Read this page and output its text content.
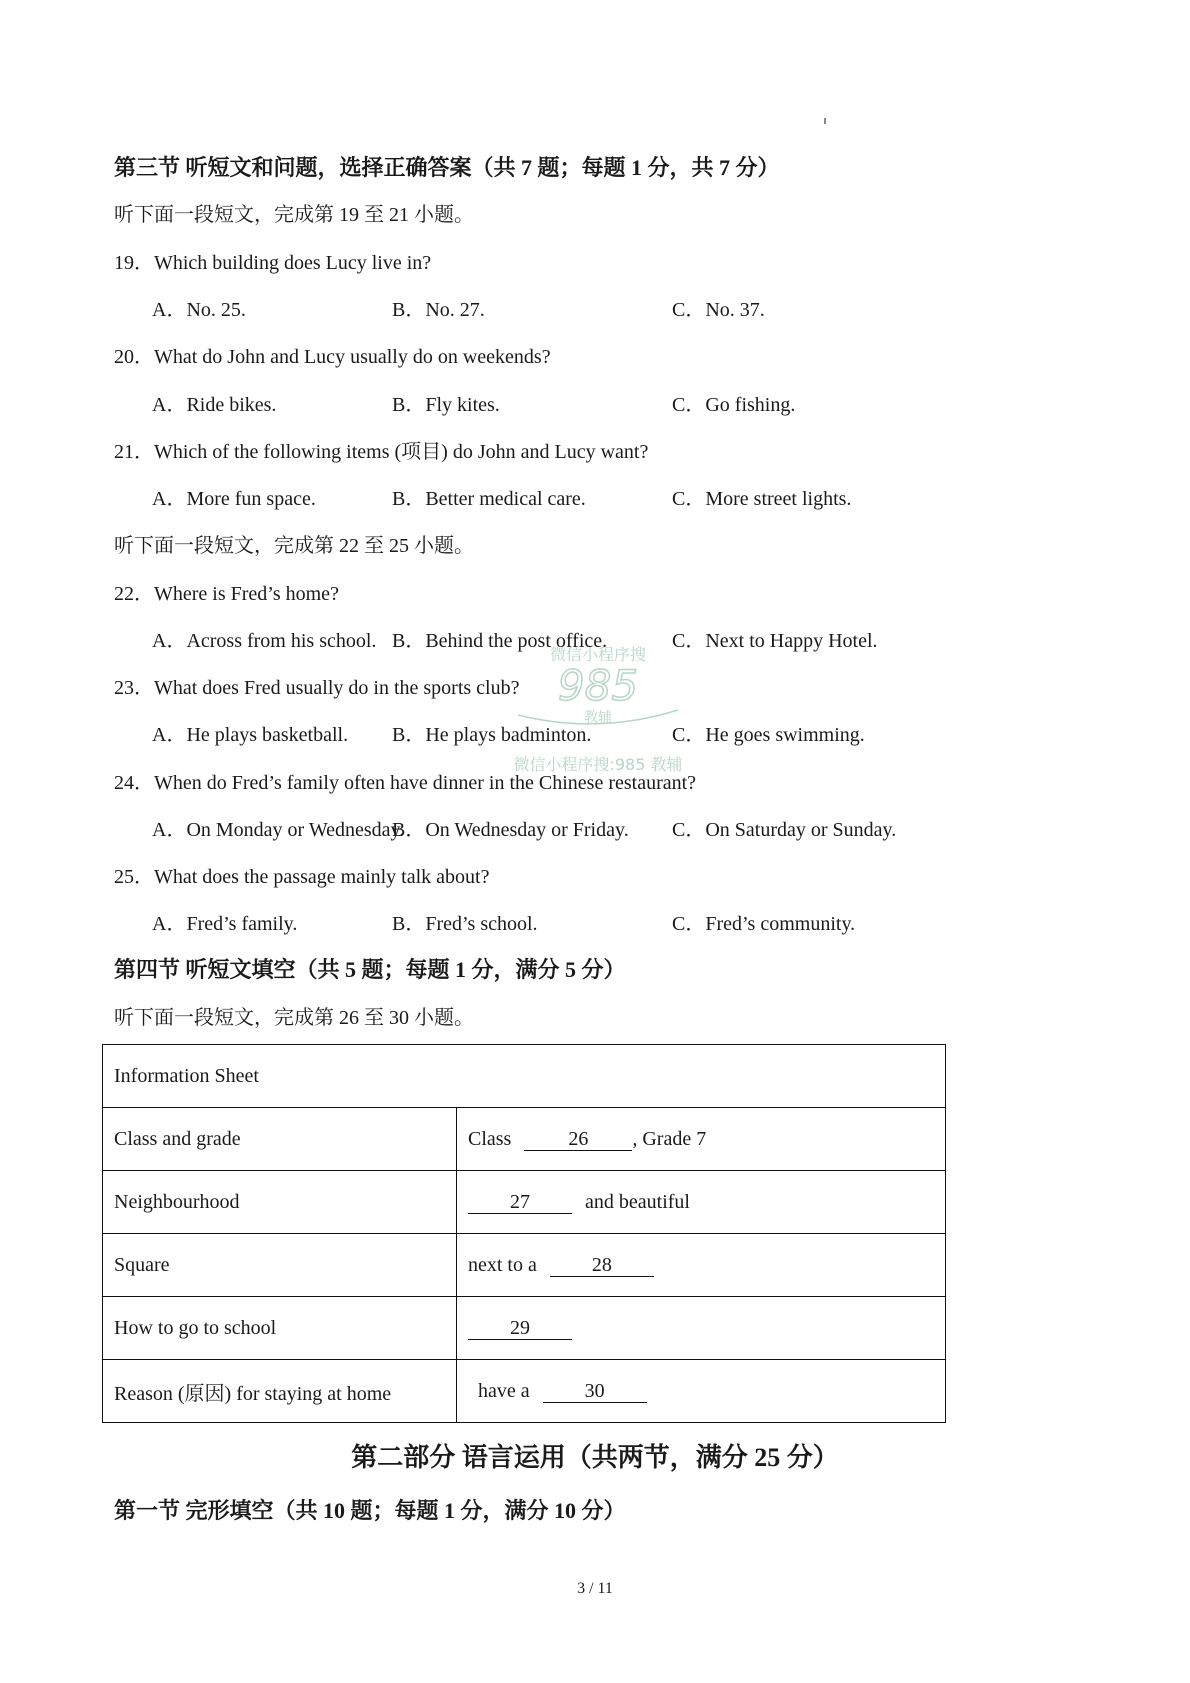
第三节 听短文和问题，选择正确答案（共 7 题；每题 1 分，共 7 分）
听下面一段短文，完成第 19 至 21 小题。
19．Which building does Lucy live in?
A．No. 25.	B．No. 27.	C．No. 37.
20．What do John and Lucy usually do on weekends?
A．Ride bikes.	B．Fly kites.	C．Go fishing.
21．Which of the following items (项目) do John and Lucy want?
A．More fun space.	B．Better medical care.	C．More street lights.
听下面一段短文，完成第 22 至 25 小题。
22．Where is Fred’s home?
A．Across from his school. B．Behind the post office.	C．Next to Happy Hotel.
23．What does Fred usually do in the sports club?
A．He plays basketball. B．He plays badminton.	C．He goes swimming.
24．When do Fred’s family often have dinner in the Chinese restaurant?
A．On Monday or Wednesday.
B．On Wednesday or Friday. C．On Saturday or Sunday.
25．What does the passage mainly talk about?
A．Fred’s family.	B．Fred’s school.	C．Fred’s community.
第四节 听短文填空（共 5 题；每题 1 分，满分 5 分）
听下面一段短文，完成第 26 至 30 小题。
Information Sheet	
Class and grade	Class 26 , Grade 7
Neighbourhood	27 and beautiful
Square	next to a 28
How to go to school	29
Reason (原因) for staying at home	have a 30
第二部分 语言运用（共两节，满分 25 分）
第一节 完形填空（共 10 题；每题 1 分，满分 10 分）
微信小程序搜
985
教辅
微信小程序搜:985 教辅
3 / 11
